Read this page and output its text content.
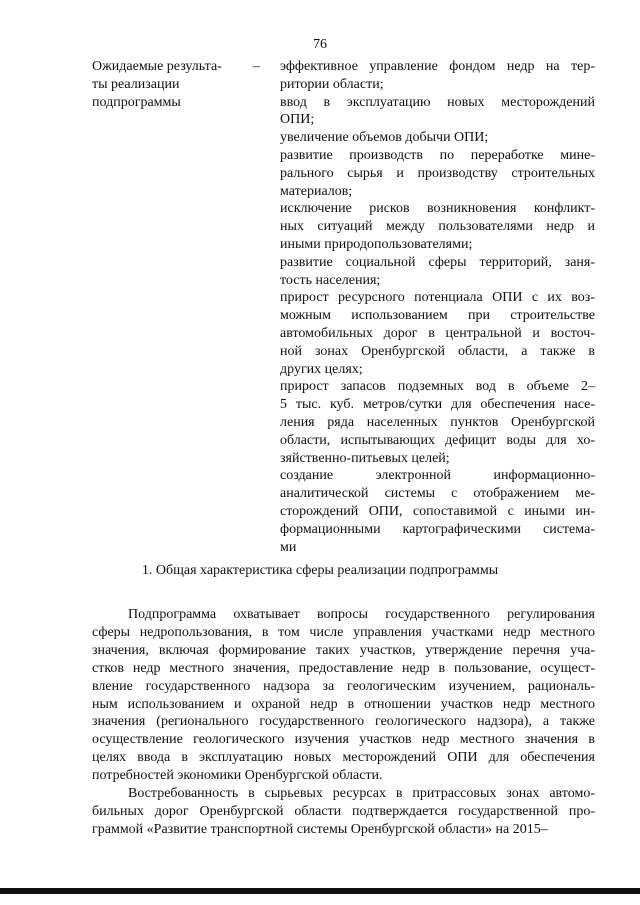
76
Ожидаемые результа-
ты реализации
подпрограммы
– эффективное управление фондом недр на тер-
ритории области;
ввод в эксплуатацию новых месторождений
ОПИ;
увеличение объемов добычи ОПИ;
развитие производств по переработке мине-
рального сырья и производству строительных
материалов;
исключение рисков возникновения конфликт-
ных ситуаций между пользователями недр и
иными природопользователями;
развитие социальной сферы территорий, заня-
тость населения;
прирост ресурсного потенциала ОПИ с их воз-
можным использованием при строительстве
автомобильных дорог в центральной и восточ-
ной зонах Оренбургской области, а также в
других целях;
прирост запасов подземных вод в объеме 2–
5 тыс. куб. метров/сутки для обеспечения насе-
ления ряда населенных пунктов Оренбургской
области, испытывающих дефицит воды для хо-
зяйственно-питьевых целей;
создание электронной информационно-
аналитической системы с отображением ме-
сторождений ОПИ, сопоставимой с иными ин-
формационными картографическими системa-
ми
1. Общая характеристика сферы реализации подпрограммы

Подпрограмма охватывает вопросы государственного регулирования
сферы недропользования, в том числе управления участками недр местного
значения, включая формирование таких участков, утверждение перечня уча-
стков недр местного значения, предоставление недр в пользование, осущест-
вление государственного надзора за геологическим изучением, рациональ-
ным использованием и охраной недр в отношении участков недр местного
значения (регионального государственного геологического надзора), а также
осуществление геологического изучения участков недр местного значения в
целях ввода в эксплуатацию новых месторождений ОПИ для обеспечения
потребностей экономики Оренбургской области.

Востребованность в сырьевых ресурсах в притрассовых зонах автомо-
бильных дорог Оренбургской области подтверждается государственной про-
граммой «Развитие транспортной системы Оренбургской области» на 2015–
